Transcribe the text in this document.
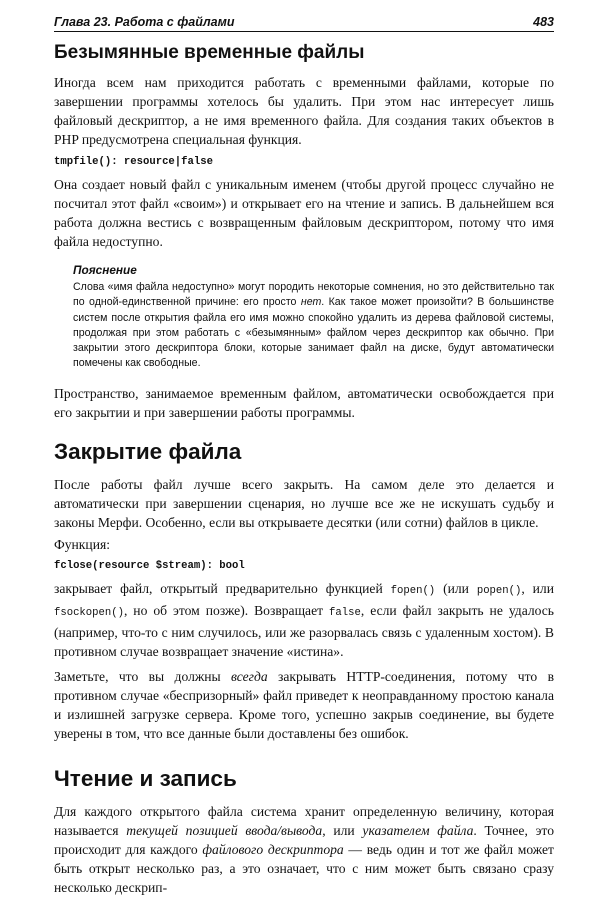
Глава 23. Работа с файлами	483
Безымянные временные файлы

Иногда всем нам приходится работать с временными файлами, которые по завершении программы хотелось бы удалить. При этом нас интересует лишь файловый дескриптор, а не имя временного файла. Для создания таких объектов в PHP предусмотрена специальная функция.

tmpfile(): resource|false

Она создает новый файл с уникальным именем (чтобы другой процесс случайно не посчитал этот файл «своим») и открывает его на чтение и запись. В дальнейшем вся работа должна вестись с возвращенным файловым дескриптором, потому что имя файла недоступно.

Пояснение
Слова «имя файла недоступно» могут породить некоторые сомнения, но это действительно так по одной-единственной причине: его просто нет. Как такое может произойти? В большинстве систем после открытия файла его имя можно спокойно удалить из дерева файловой системы, продолжая при этом работать с «безымянным» файлом через дескриптор как обычно. При закрытии этого дескриптора блоки, которые занимает файл на диске, будут автоматически помечены как свободные.

Пространство, занимаемое временным файлом, автоматически освобождается при его закрытии и при завершении работы программы.

Закрытие файла

После работы файл лучше всего закрыть. На самом деле это делается и автоматически при завершении сценария, но лучше все же не искушать судьбу и законы Мерфи. Особенно, если вы открываете десятки (или сотни) файлов в цикле.

Функция:

fclose(resource $stream): bool

закрывает файл, открытый предварительно функцией fopen() (или popen(), или fsockopen(), но об этом позже). Возвращает false, если файл закрыть не удалось (например, что-то с ним случилось, или же разорвалась связь с удаленным хостом). В противном случае возвращает значение «истина».

Заметьте, что вы должны всегда закрывать HTTP-соединения, потому что в противном случае «беспризорный» файл приведет к неоправданному простою канала и излишней загрузке сервера. Кроме того, успешно закрыв соединение, вы будете уверены в том, что все данные были доставлены без ошибок.

Чтение и запись

Для каждого открытого файла система хранит определенную величину, которая называется текущей позицией ввода/вывода, или указателем файла. Точнее, это происходит для каждого файлового дескриптора — ведь один и тот же файл может быть открыт несколько раз, а это означает, что с ним может быть связано сразу несколько дескрип-
